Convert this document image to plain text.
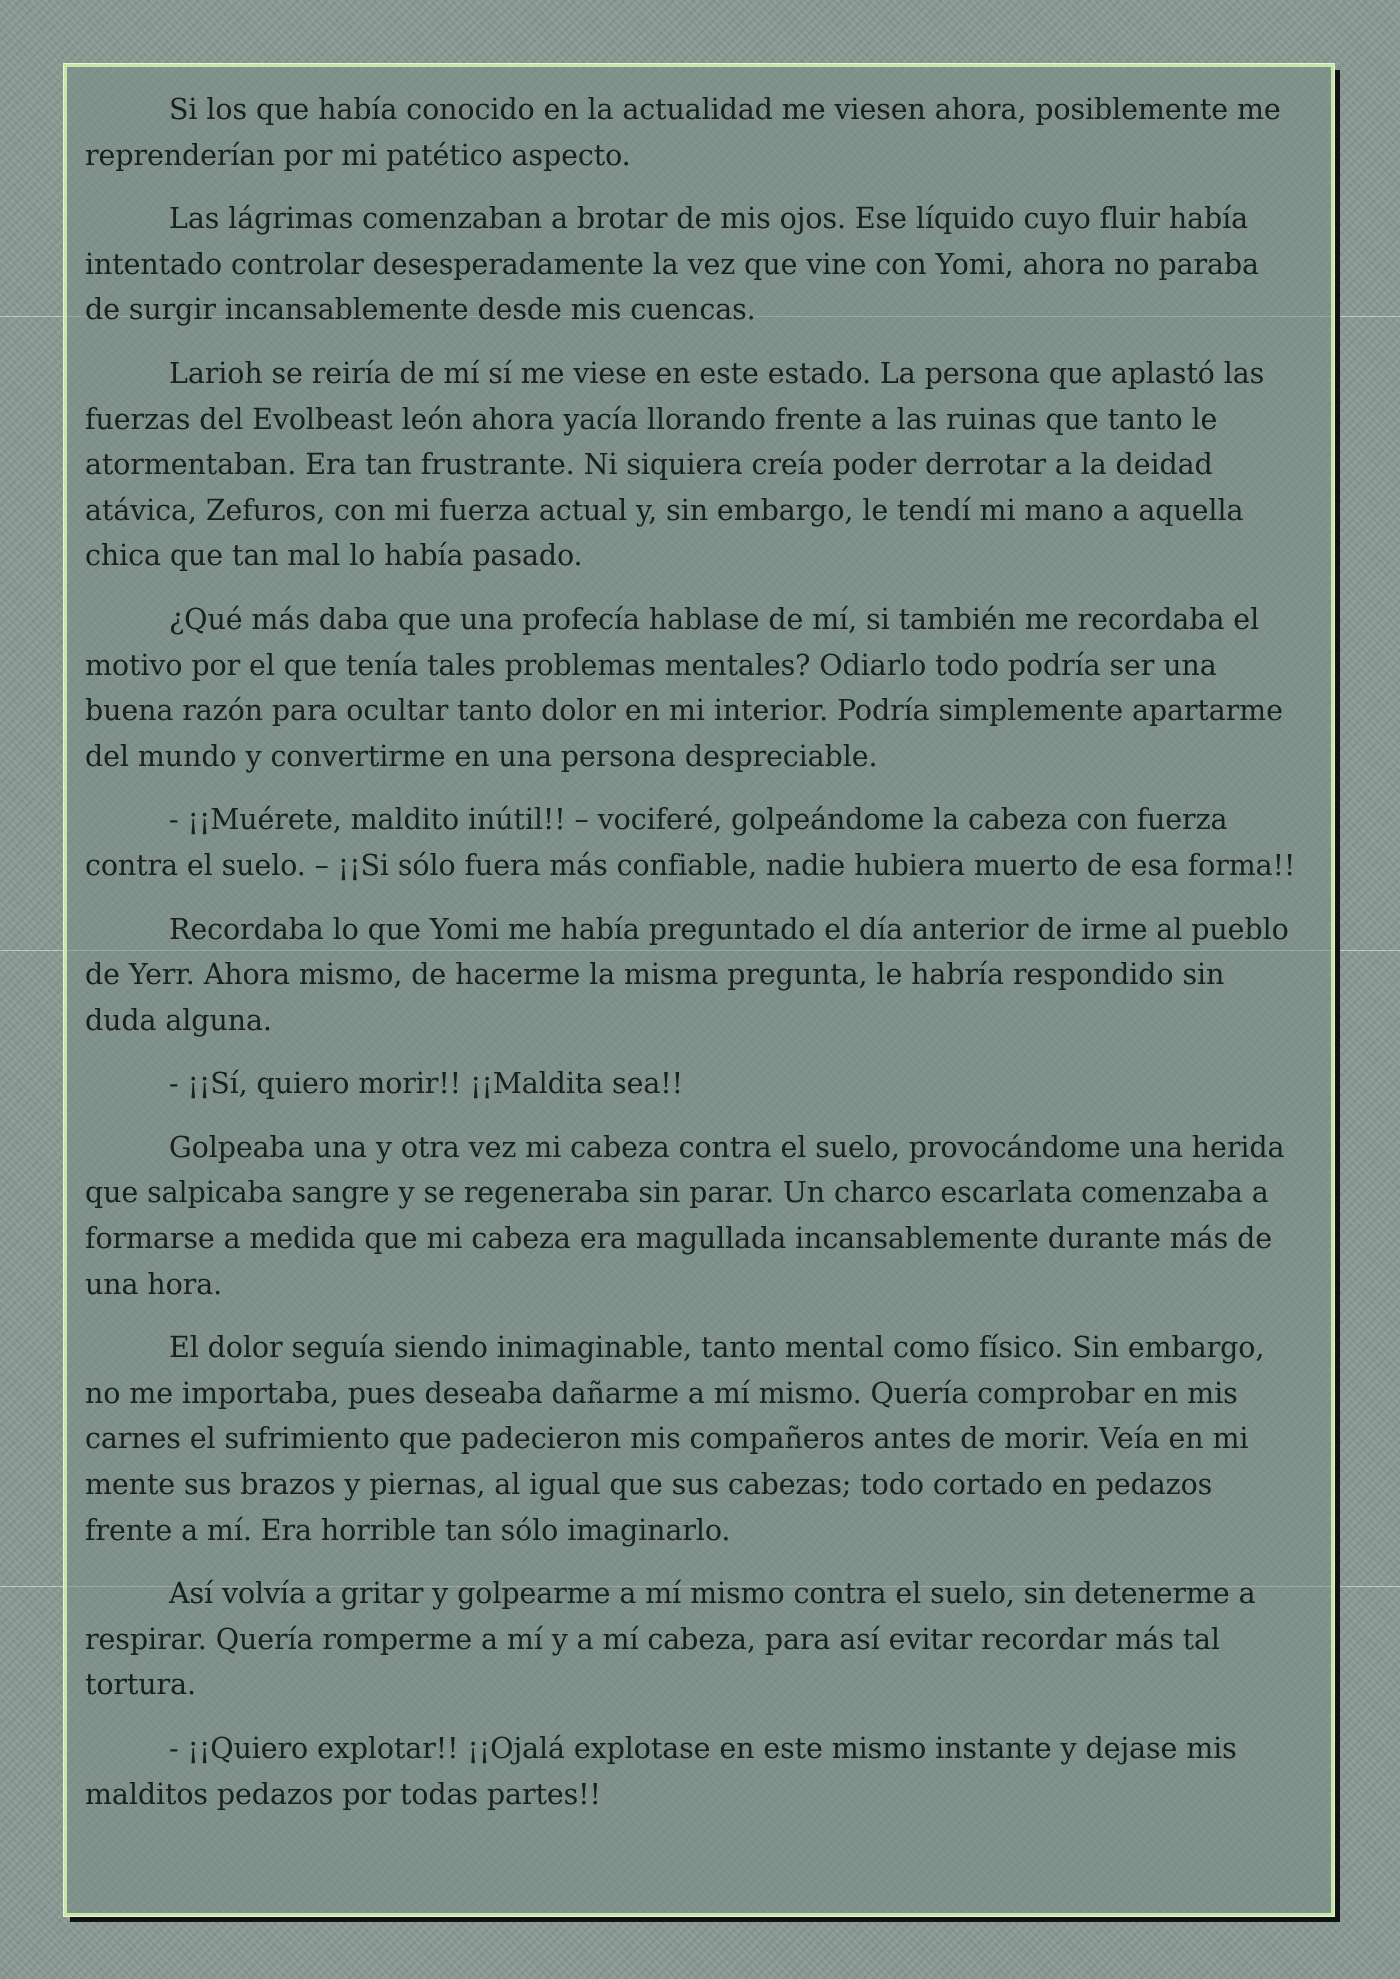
Si los que había conocido en la actualidad me viesen ahora, posiblemente me reprenderían por mi patético aspecto.

Las lágrimas comenzaban a brotar de mis ojos. Ese líquido cuyo fluir había intentado controlar desesperadamente la vez que vine con Yomi, ahora no paraba de surgir incansablemente desde mis cuencas.

Larioh se reiría de mí sí me viese en este estado. La persona que aplastó las fuerzas del Evolbeast león ahora yacía llorando frente a las ruinas que tanto le atormentaban. Era tan frustrante. Ni siquiera creía poder derrotar a la deidad atávica, Zefuros, con mi fuerza actual y, sin embargo, le tendí mi mano a aquella chica que tan mal lo había pasado.

¿Qué más daba que una profecía hablase de mí, si también me recordaba el motivo por el que tenía tales problemas mentales? Odiarlo todo podría ser una buena razón para ocultar tanto dolor en mi interior. Podría simplemente apartarme del mundo y convertirme en una persona despreciable.

- ¡¡Muérete, maldito inútil!! – vociferé, golpeándome la cabeza con fuerza contra el suelo. – ¡¡Si sólo fuera más confiable, nadie hubiera muerto de esa forma!!

Recordaba lo que Yomi me había preguntado el día anterior de irme al pueblo de Yerr. Ahora mismo, de hacerme la misma pregunta, le habría respondido sin duda alguna.

- ¡¡Sí, quiero morir!! ¡¡Maldita sea!!

Golpeaba una y otra vez mi cabeza contra el suelo, provocándome una herida que salpicaba sangre y se regeneraba sin parar. Un charco escarlata comenzaba a formarse a medida que mi cabeza era magullada incansablemente durante más de una hora.

El dolor seguía siendo inimaginable, tanto mental como físico. Sin embargo, no me importaba, pues deseaba dañarme a mí mismo. Quería comprobar en mis carnes el sufrimiento que padecieron mis compañeros antes de morir. Veía en mi mente sus brazos y piernas, al igual que sus cabezas; todo cortado en pedazos frente a mí. Era horrible tan sólo imaginarlo.

Así volvía a gritar y golpearme a mí mismo contra el suelo, sin detenerme a respirar. Quería romperme a mí y a mí cabeza, para así evitar recordar más tal tortura.

- ¡¡Quiero explotar!! ¡¡Ojalá explotase en este mismo instante y dejase mis malditos pedazos por todas partes!!
